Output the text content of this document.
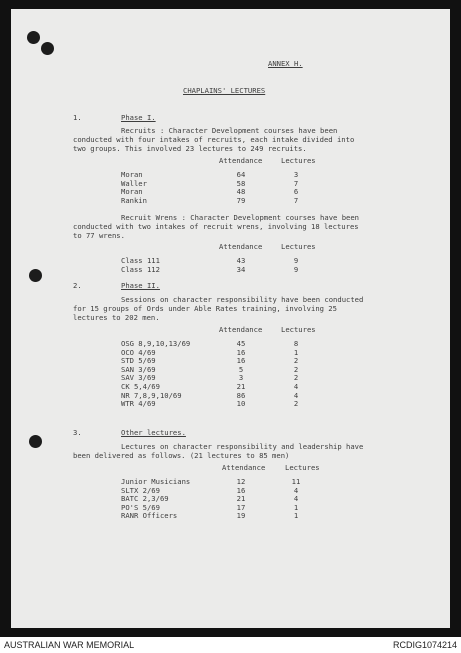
ANNEX H.
CHAPLAINS' LECTURES
1.	Phase I.
Recruits : Character Development courses have been
conducted with four intakes of recruits, each intake divided into
two groups. This involved 23 lectures to 249 recruits.
Attendance	Lectures
Moran	64	3
Waller	58	7
Moran	48	6
Rankin	79	7
Recruit Wrens : Character Development courses have been
conducted with two intakes of recruit wrens, involving 18 lectures
to 77 wrens.
Attendance	Lectures
Class 111	43	9
Class 112	34	9
2.	Phase II.
Sessions on character responsibility have been conducted
for 15 groups of Ords under Able Rates training, involving 25
lectures to 202 men.
Attendance	Lectures
OSG 8,9,10,13/69	45	8
OCO 4/69	16	1
STD 5/69	16	2
SAN 3/69	5	2
SAV 3/69	3	2
CK 5,4/69	21	4
NR 7,8,9,10/69	86	4
WTR 4/69	10	2
3.	Other lectures.
Lectures on character responsibility and leadership have
been delivered as follows. (21 lectures to 85 men)
Attendance	Lectures
Junior Musicians	12	11
SLTX 2/69	16	4
BATC 2,3/69	21	4
PO'S 5/69	17	1
RANR Officers	19	1
AUSTRALIAN WAR MEMORIAL	RCDIG1074214
